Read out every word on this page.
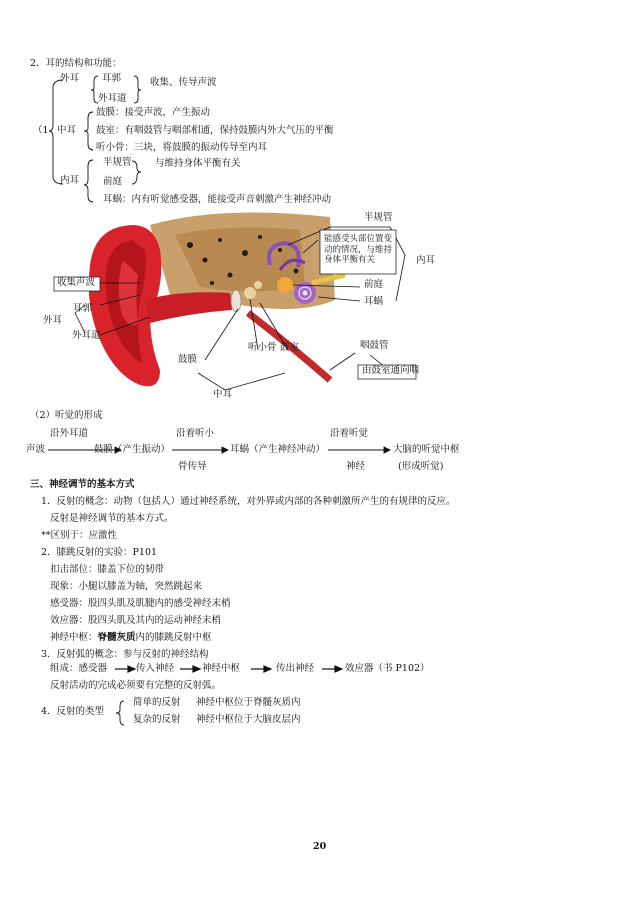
2．耳的结构和功能：
外耳 耳郭
外耳道
收集、传导声波
（1 中耳
鼓膜：接受声波，产生振动
鼓室：有咽鼓管与咽部相通，保持鼓膜内外大气压的平衡
听小骨：三块，将鼓膜的振动传导至内耳
内耳
半规管
前庭
与维持身体平衡有关
耳蜗：内有听觉感受器，能接受声音刺激产生神经冲动
半规管
能感受头部位置变动的情况，与维持身体平衡有关	内耳
前庭
耳蜗
收集声波
耳郭
外耳
外耳道
听小骨 鼓室	咽鼓管
由鼓室通向咽
鼓膜
中耳
（2）听觉的形成
沿外耳道	沿着听小	沿着听觉
声波	鼓膜（产生振动）	耳蜗（产生神经冲动）	大脑的听觉中枢
骨传导	神经	(形成听觉)
三、神经调节的基本方式
1．反射的概念：动物（包括人）通过神经系统，对外界或内部的各种刺激所产生的有规律的反应。
反射是神经调节的基本方式。
**区别于：应激性
2．膝跳反射的实验：P101
扣击部位：膝盖下位的韧带
现象：小腿以膝盖为轴，突然跳起来
感受器：股四头肌及肌腱内的感受神经末梢
效应器：股四头肌及其内的运动神经末梢
神经中枢：脊髓灰质内的膝跳反射中枢
3．反射弧的概念：参与反射的神经结构
组成：感受器	传入神经	神经中枢	传出神经	效应器（书 P102）
反射活动的完成必须要有完整的反射弧。
4．反射的类型
简单的反射 神经中枢位于脊髓灰质内
复杂的反射 神经中枢位于大脑皮层内
20
